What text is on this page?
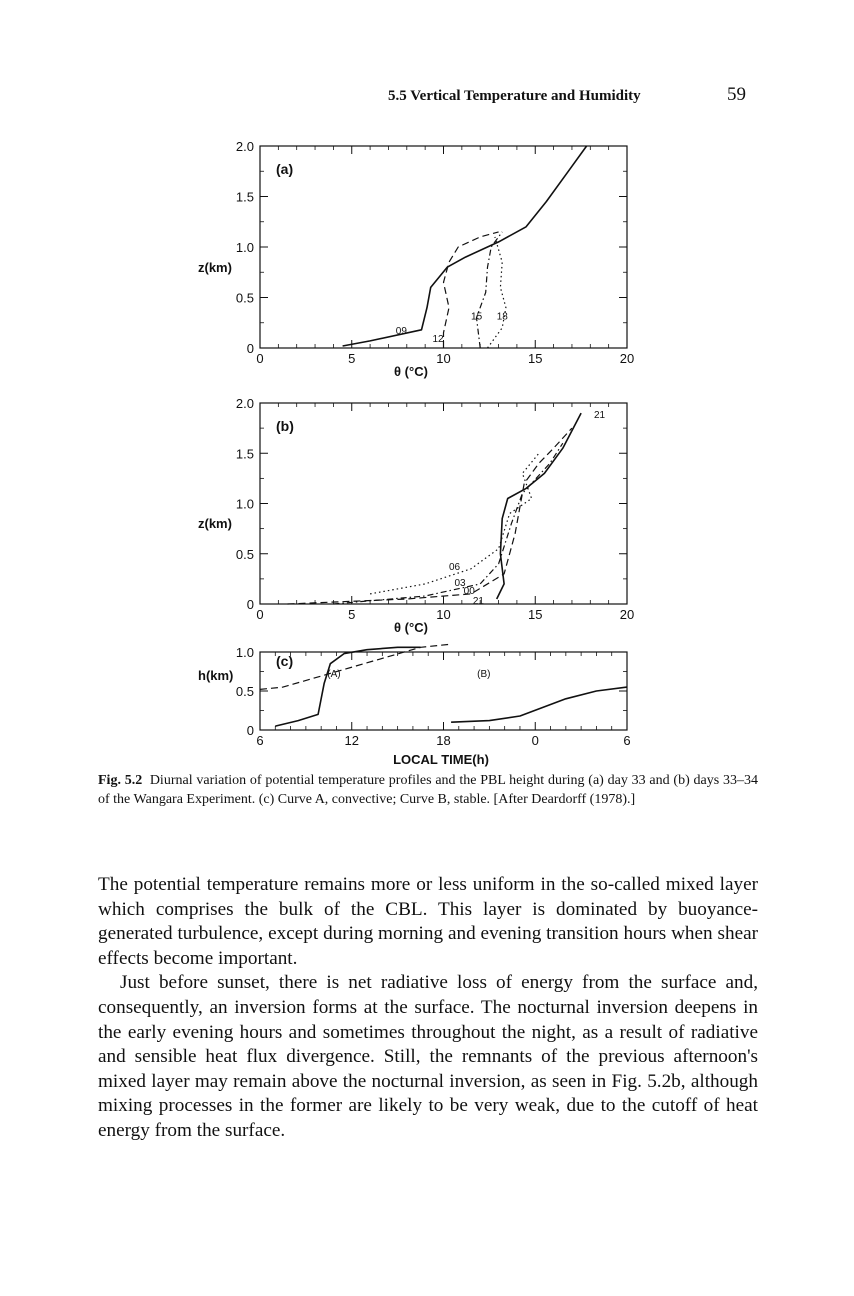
5.5 Vertical Temperature and Humidity	59
0	5	10	15	20
2.0
1.5
1.0
0.5
0
(a)
z(km)
θ (°C)
09
12
15 18
0	5	10	15	20
2.0
1.5
1.0
0.5
0
(b)
z(km)
θ (°C)
21
06
03
00
21
6	12	18	0	6
1.0
0.5
0
(c)
h(km)
LOCAL TIME(h)
(A)	(B)
Fig. 5.2 Diurnal variation of potential temperature profiles and the PBL height during (a) day 33 and (b) days 33–34 of the Wangara Experiment. (c) Curve A, convective; Curve B, stable. [After Deardorff (1978).]

The potential temperature remains more or less uniform in the so-called mixed layer which comprises the bulk of the CBL. This layer is dominated by buoyance-generated turbulence, except during morning and evening transition hours when shear effects become important.

Just before sunset, there is net radiative loss of energy from the surface and, consequently, an inversion forms at the surface. The nocturnal inversion deepens in the early evening hours and sometimes throughout the night, as a result of radiative and sensible heat flux divergence. Still, the remnants of the previous afternoon's mixed layer may remain above the nocturnal inversion, as seen in Fig. 5.2b, although mixing processes in the former are likely to be very weak, due to the cutoff of heat energy from the surface.
